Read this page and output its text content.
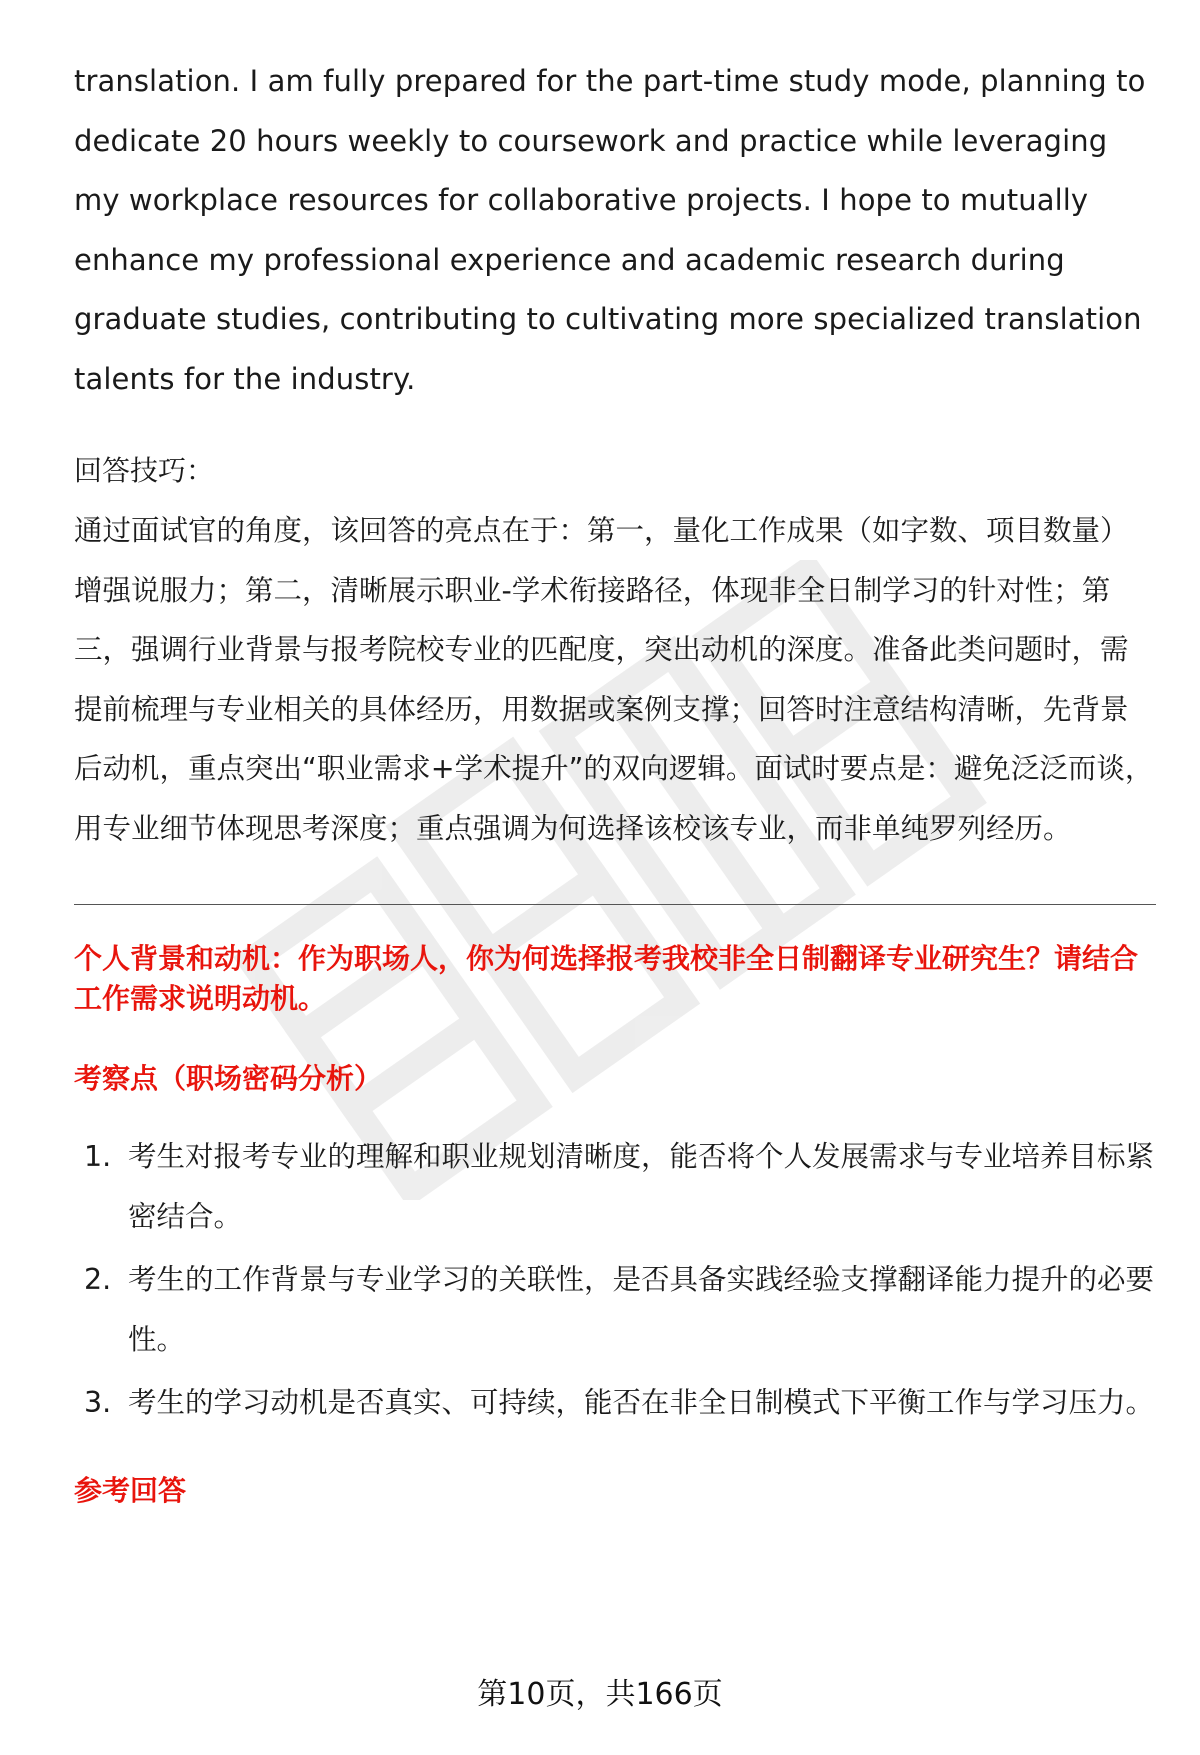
translation. I am fully prepared for the part-time study mode, planning to dedicate 20 hours weekly to coursework and practice while leveraging my workplace resources for collaborative projects. I hope to mutually enhance my professional experience and academic research during graduate studies, contributing to cultivating more specialized translation talents for the industry.

回答技巧：

通过面试官的角度，该回答的亮点在于：第一，量化工作成果（如字数、项目数量）增强说服力；第二，清晰展示职业-学术衔接路径，体现非全日制学习的针对性；第三，强调行业背景与报考院校专业的匹配度，突出动机的深度。准备此类问题时，需提前梳理与专业相关的具体经历，用数据或案例支撑；回答时注意结构清晰，先背景后动机，重点突出“职业需求+学术提升”的双向逻辑。面试时要点是：避免泛泛而谈，用专业细节体现思考深度；重点强调为何选择该校该专业，而非单纯罗列经历。

个人背景和动机：作为职场人，你为何选择报考我校非全日制翻译专业研究生？请结合工作需求说明动机。

考察点（职场密码分析）
1. 考生对报考专业的理解和职业规划清晰度，能否将个人发展需求与专业培养目标紧密结合。
2. 考生的工作背景与专业学习的关联性，是否具备实践经验支撑翻译能力提升的必要性。
3. 考生的学习动机是否真实、可持续，能否在非全日制模式下平衡工作与学习压力。
参考回答
第10页，共166页
